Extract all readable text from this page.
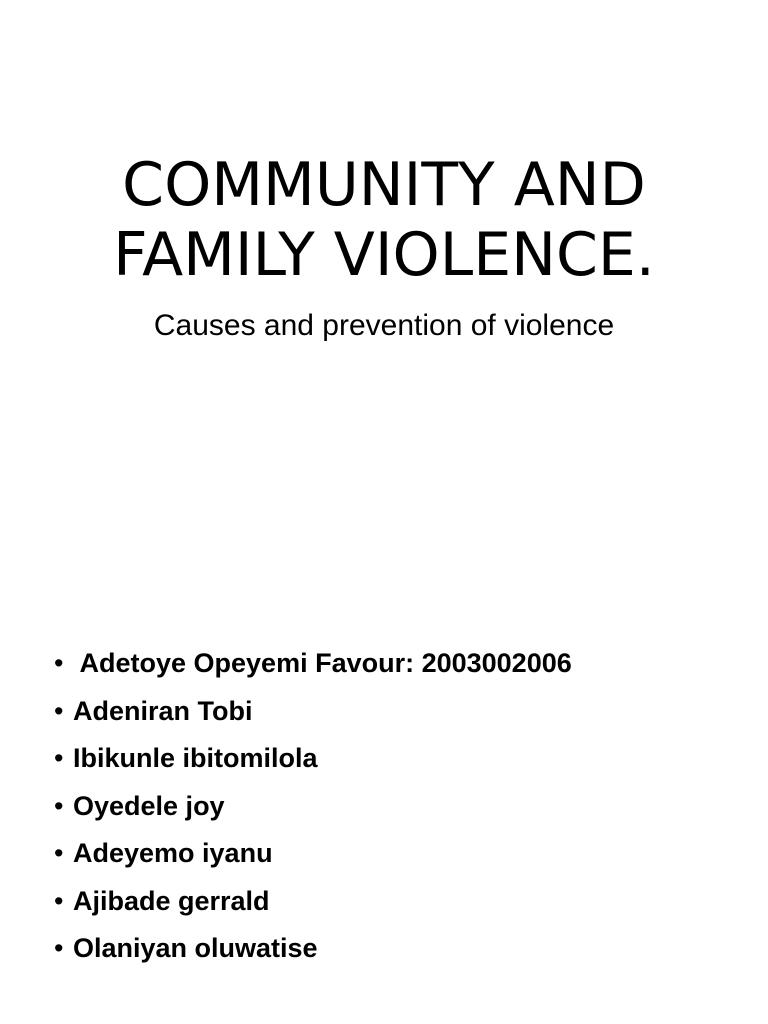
COMMUNITY AND
FAMILY VIOLENCE.

Causes and prevention of violence

• Adetoye Opeyemi Favour: 2003002006
• Adeniran Tobi
• Ibikunle ibitomilola
• Oyedele joy
• Adeyemo iyanu
• Ajibade gerrald
• Olaniyan oluwatise
